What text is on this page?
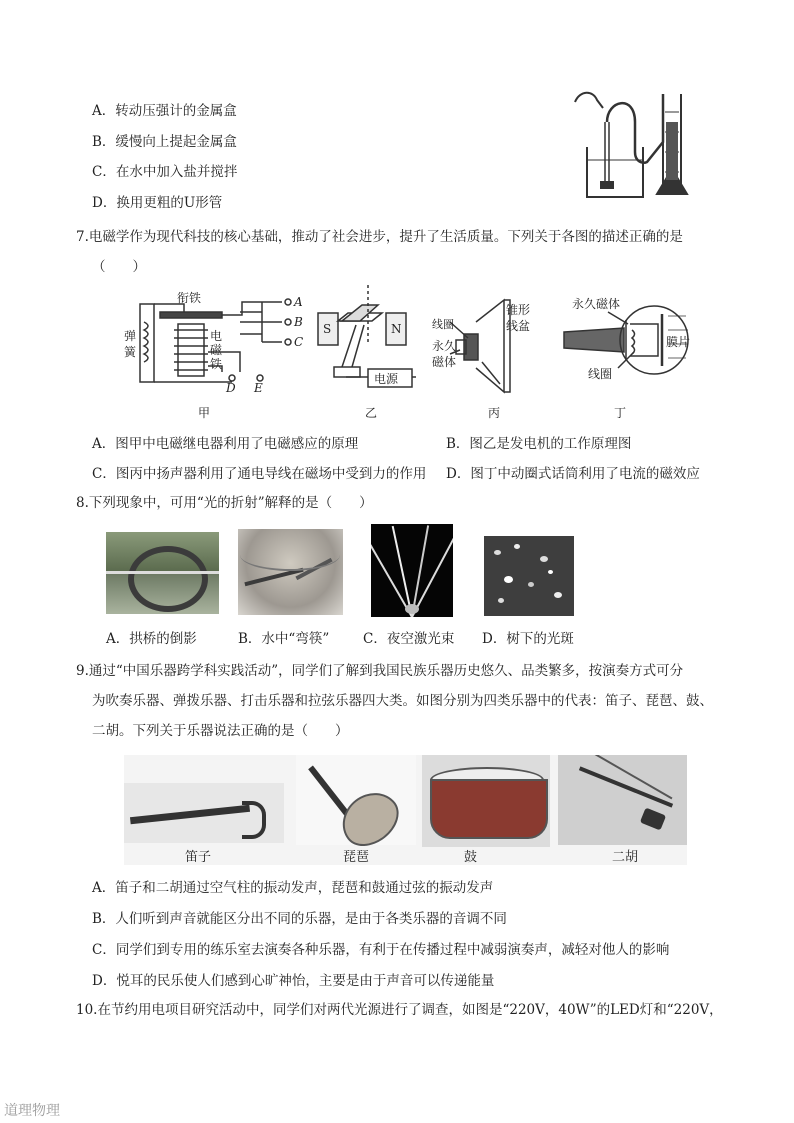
A．转动压强计的金属盒
B．缓慢向上提起金属盒
C．在水中加入盐并搅拌
D．换用更粗的U形管
7.电磁学作为现代科技的核心基础，推动了社会进步，提升了生活质量。下列关于各图的描述正确的是
（　　）
衔铁
弹
簧
电
磁
铁
A
B
C
D E
甲
S	N
电源
乙
线圈
锥形
线盆
永久
磁体
丙
永久磁体
膜片
线圈
丁
A．图甲中电磁继电器利用了电磁感应的原理	B．图乙是发电机的工作原理图
C．图丙中扬声器利用了通电导线在磁场中受到力的作用 D．图丁中动圈式话筒利用了电流的磁效应
8.下列现象中，可用“光的折射”解释的是（　　）
A．拱桥的倒影	B．水中“弯筷”	C．夜空激光束 D．树下的光斑
9.通过“中国乐器跨学科实践活动”，同学们了解到我国民族乐器历史悠久、品类繁多，按演奏方式可分
为吹奏乐器、弹拨乐器、打击乐器和拉弦乐器四大类。如图分别为四类乐器中的代表：笛子、琵琶、鼓、
二胡。下列关于乐器说法正确的是（　　）
笛子	琵琶	鼓	二胡
A．笛子和二胡通过空气柱的振动发声，琵琶和鼓通过弦的振动发声
B．人们听到声音就能区分出不同的乐器，是由于各类乐器的音调不同
C．同学们到专用的练乐室去演奏各种乐器，有利于在传播过程中减弱演奏声，减轻对他人的影响
D．悦耳的民乐使人们感到心旷神怡，主要是由于声音可以传递能量
10.在节约用电项目研究活动中，同学们对两代光源进行了调查，如图是“220V，40W”的LED灯和“220V，
道理物理
